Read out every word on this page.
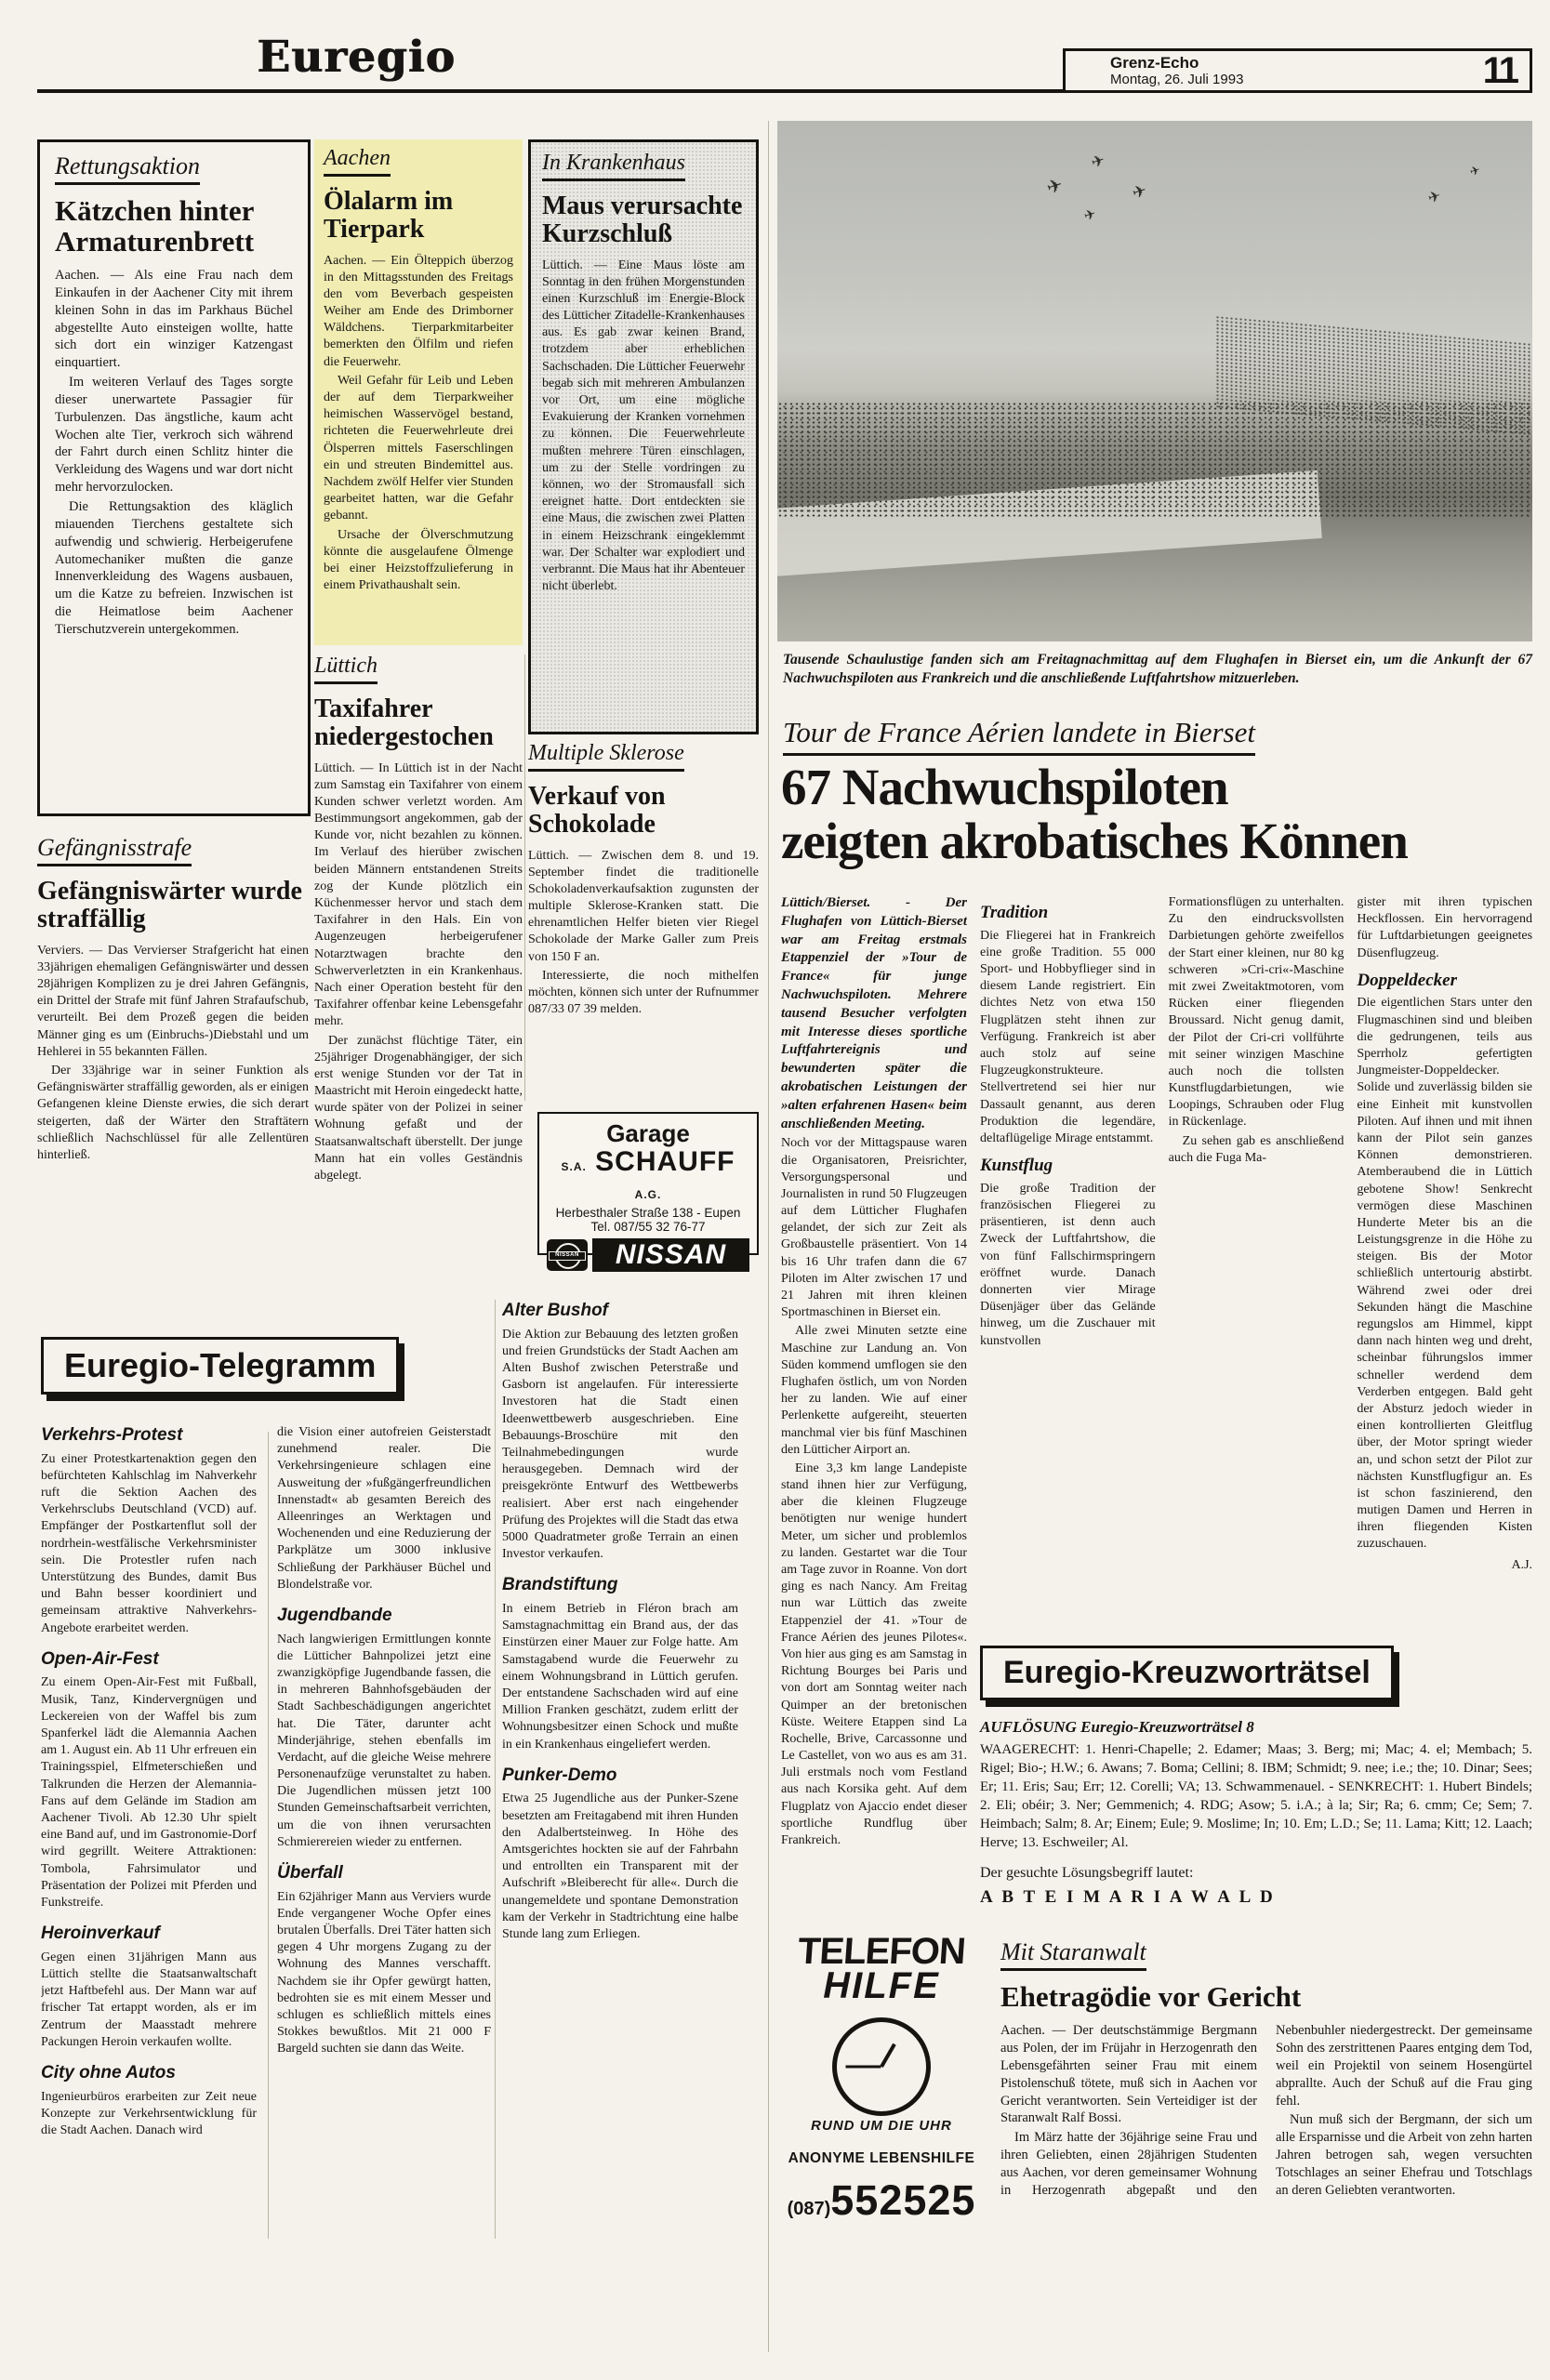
Euregio	Grenz-Echo
Montag, 26. Juli 1993	11
Rettungsaktion
Kätzchen hinter Armaturenbrett

Aachen. — Als eine Frau nach dem Einkaufen in der Aachener City mit ihrem kleinen Sohn in das im Parkhaus Büchel abgestellte Auto einsteigen wollte, hatte sich dort ein winziger Katzengast einquartiert.

Im weiteren Verlauf des Tages sorgte dieser unerwartete Passagier für Turbulenzen. Das ängstliche, kaum acht Wochen alte Tier, verkroch sich während der Fahrt durch einen Schlitz hinter die Verkleidung des Wagens und war dort nicht mehr hervorzulocken.

Die Rettungsaktion des kläglich miauenden Tierchens gestaltete sich aufwendig und schwierig. Herbeigerufene Automechaniker mußten die ganze Innenverkleidung des Wagens ausbauen, um die Katze zu befreien. Inzwischen ist die Heimatlose beim Aachener Tierschutzverein untergekommen.

Gefängnisstrafe
Gefängniswärter wurde straffällig

Verviers. — Das Vervierser Strafgericht hat einen 33jährigen ehemaligen Gefängniswärter und dessen 28jährigen Komplizen zu je drei Jahren Gefängnis, ein Drittel der Strafe mit fünf Jahren Strafaufschub, verurteilt. Bei dem Prozeß gegen die beiden Männer ging es um (Einbruchs-)Diebstahl und um Hehlerei in 55 bekannten Fällen.

Der 33jährige war in seiner Funktion als Gefängniswärter straffällig geworden, als er einigen Gefangenen kleine Dienste erwies, die sich derart steigerten, daß der Wärter den Straftätern schließlich Nachschlüssel für alle Zellentüren hinterließ.

Aachen
Ölalarm im Tierpark

Aachen. — Ein Ölteppich überzog in den Mittagsstunden des Freitags den vom Beverbach gespeisten Weiher am Ende des Drimborner Wäldchens. Tierparkmitarbeiter bemerkten den Ölfilm und riefen die Feuerwehr.

Weil Gefahr für Leib und Leben der auf dem Tierparkweiher heimischen Wasservögel bestand, richteten die Feuerwehrleute drei Ölsperren mittels Faserschlingen ein und streuten Bindemittel aus. Nachdem zwölf Helfer vier Stunden gearbeitet hatten, war die Gefahr gebannt.

Ursache der Ölverschmutzung könnte die ausgelaufene Ölmenge bei einer Heizstoffzulieferung in einem Privathaushalt sein.

Lüttich
Taxifahrer niedergestochen

Lüttich. — In Lüttich ist in der Nacht zum Samstag ein Taxifahrer von einem Kunden schwer verletzt worden. Am Bestimmungsort angekommen, gab der Kunde vor, nicht bezahlen zu können. Im Verlauf des hierüber zwischen beiden Männern entstandenen Streits zog der Kunde plötzlich ein Küchenmesser hervor und stach dem Taxifahrer in den Hals. Ein von Augenzeugen herbeigerufener Notarztwagen brachte den Schwerverletzten in ein Krankenhaus. Nach einer Operation besteht für den Taxifahrer offenbar keine Lebensgefahr mehr.

Der zunächst flüchtige Täter, ein 25jähriger Drogenabhängiger, der sich erst wenige Stunden vor der Tat in Maastricht mit Heroin eingedeckt hatte, wurde später von der Polizei in seiner Wohnung gefaßt und der Staatsanwaltschaft überstellt. Der junge Mann hat ein volles Geständnis abgelegt.

In Krankenhaus
Maus verursachte Kurzschluß

Lüttich. — Eine Maus löste am Sonntag in den frühen Morgenstunden einen Kurzschluß im Energie-Block des Lütticher Zitadelle-Krankenhauses aus. Es gab zwar keinen Brand, trotzdem aber erheblichen Sachschaden. Die Lütticher Feuerwehr begab sich mit mehreren Ambulanzen vor Ort, um eine mögliche Evakuierung der Kranken vornehmen zu können. Die Feuerwehrleute mußten mehrere Türen einschlagen, um zu der Stelle vordringen zu können, wo der Stromausfall sich ereignet hatte. Dort entdeckten sie eine Maus, die zwischen zwei Platten in einem Heizschrank eingeklemmt war. Der Schalter war explodiert und verbrannt. Die Maus hat ihr Abenteuer nicht überlebt.

Multiple Sklerose
Verkauf von Schokolade

Lüttich. — Zwischen dem 8. und 19. September findet die traditionelle Schokoladenverkaufsaktion zugunsten der multiple Sklerose-Kranken statt. Die ehrenamtlichen Helfer bieten vier Riegel Schokolade der Marke Galler zum Preis von 150 F an.

Interessierte, die noch mithelfen möchten, können sich unter der Rufnummer 087/33 07 39 melden.

Garage
S.A. SCHAUFF A.G.
Herbesthaler Straße 138 - Eupen
Tel. 087/55 32 76-77
NISSAN	NISSAN
✈
✈
✈
✈
✈
✈
Tausende Schaulustige fanden sich am Freitagnachmittag auf dem Flughafen in Bierset ein, um die Ankunft der 67 Nachwuchspiloten aus Frankreich und die anschließende Luftfahrtshow mitzuerleben.
Tour de France Aérien landete in Bierset
67 Nachwuchspiloten
zeigten akrobatisches Können

Lüttich/Bierset. - Der Flughafen von Lüttich-Bierset war am Freitag erstmals Etappenziel der »Tour de France« für junge Nachwuchspiloten. Mehrere tausend Besucher verfolgten mit Interesse dieses sportliche Luftfahrtereignis und bewunderten später die akrobatischen Leistungen der »alten erfahrenen Hasen« beim anschließenden Meeting.

Noch vor der Mittagspause waren die Organisatoren, Preisrichter, Versorgungspersonal und Journalisten in rund 50 Flugzeugen auf dem Lütticher Flughafen gelandet, der sich zur Zeit als Großbaustelle präsentiert. Von 14 bis 16 Uhr trafen dann die 67 Piloten im Alter zwischen 17 und 21 Jahren mit ihren kleinen Sportmaschinen in Bierset ein.

Alle zwei Minuten setzte eine Maschine zur Landung an. Von Süden kommend umflogen sie den Flughafen östlich, um von Norden her zu landen. Wie auf einer Perlenkette aufgereiht, steuerten manchmal vier bis fünf Maschinen den Lütticher Airport an.

Eine 3,3 km lange Landepiste stand ihnen hier zur Verfügung, aber die kleinen Flugzeuge benötigten nur wenige hundert Meter, um sicher und problemlos zu landen. Gestartet war die Tour am Tage zuvor in Roanne. Von dort ging es nach Nancy. Am Freitag nun war Lüttich das zweite Etappenziel der 41. »Tour de France Aérien des jeunes Pilotes«. Von hier aus ging es am Samstag in Richtung Bourges bei Paris und von dort am Sonntag weiter nach Quimper an der bretonischen Küste. Weitere Etappen sind La Rochelle, Brive, Carcassonne und Le Castellet, von wo aus es am 31. Juli erstmals noch vom Festland aus nach Korsika geht. Auf dem Flugplatz von Ajaccio endet dieser sportliche Rundflug über Frankreich.

Tradition

Die Fliegerei hat in Frankreich eine große Tradition. 55 000 Sport- und Hobbyflieger sind in diesem Lande registriert. Ein dichtes Netz von etwa 150 Flugplätzen steht ihnen zur Verfügung. Frankreich ist aber auch stolz auf seine Flugzeugkonstrukteure. Stellvertretend sei hier nur Dassault genannt, aus deren Produktion die legendäre, deltaflügelige Mirage entstammt.

Kunstflug

Die große Tradition der französischen Fliegerei zu präsentieren, ist denn auch Zweck der Luftfahrtshow, die von fünf Fallschirmspringern eröffnet wurde. Danach donnerten vier Mirage Düsenjäger über das Gelände hinweg, um die Zuschauer mit kunstvollen

Formationsflügen zu unterhalten. Zu den eindrucksvollsten Darbietungen gehörte zweifellos der Start einer kleinen, nur 80 kg schweren »Cri-cri«-Maschine mit zwei Zweitaktmotoren, vom Rücken einer fliegenden Broussard. Nicht genug damit, der Pilot der Cri-cri vollführte mit seiner winzigen Maschine auch noch die tollsten Kunstflugdarbietungen, wie Loopings, Schrauben oder Flug in Rückenlage.

Zu sehen gab es anschließend auch die Fuga Ma-

gister mit ihren typischen Heckflossen. Ein hervorragend für Luftdarbietungen geeignetes Düsenflugzeug.

Doppeldecker

Die eigentlichen Stars unter den Flugmaschinen sind und bleiben die gedrungenen, teils aus Sperrholz gefertigten Jungmeister-Doppeldecker. Solide und zuverlässig bilden sie eine Einheit mit kunstvollen Piloten. Auf ihnen und mit ihnen kann der Pilot sein ganzes Können demonstrieren. Atemberaubend die in Lüttich gebotene Show! Senkrecht vermögen diese Maschinen Hunderte Meter bis an die Leistungsgrenze in die Höhe zu steigen. Bis der Motor schließlich untertourig abstirbt. Während zwei oder drei Sekunden hängt die Maschine regungslos am Himmel, kippt dann nach hinten weg und dreht, scheinbar führungslos immer schneller werdend dem Verderben entgegen. Bald geht der Absturz jedoch wieder in einen kontrollierten Gleitflug über, der Motor springt wieder an, und schon setzt der Pilot zur nächsten Kunstflugfigur an. Es ist schon faszinierend, den mutigen Damen und Herren in ihren fliegenden Kisten zuzuschauen.

A.J.
Euregio-Kreuzworträtsel
AUFLÖSUNG Euregio-Kreuzworträtsel 8
WAAGERECHT: 1. Henri-Chapelle; 2. Edamer; Maas; 3. Berg; mi; Mac; 4. el; Membach; 5. Rigel; Bio-; H.W.; 6. Awans; 7. Boma; Cellini; 8. IBM; Schmidt; 9. nee; i.e.; the; 10. Dinar; Sees; Er; 11. Eris; Sau; Err; 12. Corelli; VA; 13. Schwammenauel. - SENKRECHT: 1. Hubert Bindels; 2. Eli; obéir; 3. Ner; Gemmenich; 4. RDG; Asow; 5. i.A.; à la; Sir; Ra; 6. cmm; Ce; Sem; 7. Heimbach; Salm; 8. Ar; Einem; Eule; 9. Moslime; In; 10. Em; L.D.; Se; 11. Lama; Kitt; 12. Laach; Herve; 13. Eschweiler; Al.
Der gesuchte Lösungsbegriff lautet:
A B T E I M A R I A W A L D
Mit Staranwalt
Ehetragödie vor Gericht

Aachen. — Der deutschstämmige Bergmann aus Polen, der im Früjahr in Herzogenrath den Lebensgefährten seiner Frau mit einem Pistolenschuß tötete, muß sich in Aachen vor Gericht verantworten. Sein Verteidiger ist der Staranwalt Ralf Bossi.

Im März hatte der 36jährige seine Frau und ihren Geliebten, einen 28jährigen Studenten aus Aachen, vor deren gemeinsamer Wohnung in Herzogenrath abgepaßt und den Nebenbuhler niedergestreckt. Der gemeinsame Sohn des zerstrittenen Paares entging dem Tod, weil ein Projektil von seinem Hosengürtel abprallte. Auch der Schuß auf die Frau ging fehl.

Nun muß sich der Bergmann, der sich um alle Ersparnisse und die Arbeit von zehn harten Jahren betrogen sah, wegen versuchten Totschlages an seiner Ehefrau und Totschlags an deren Geliebten verantworten.

TELEFON
HILFE
RUND UM DIE UHR
ANONYME LEBENSHILFE
(087) 552525
Euregio-Telegramm
Verkehrs-Protest

Zu einer Protestkartenaktion gegen den befürchteten Kahlschlag im Nahverkehr ruft die Sektion Aachen des Verkehrsclubs Deutschland (VCD) auf. Empfänger der Postkartenflut soll der nordrhein-westfälische Verkehrsminister sein. Die Protestler rufen nach Unterstützung des Bundes, damit Bus und Bahn besser koordiniert und gemeinsam attraktive Nahverkehrs-Angebote erarbeitet werden.

Open-Air-Fest

Zu einem Open-Air-Fest mit Fußball, Musik, Tanz, Kindervergnügen und Leckereien von der Waffel bis zum Spanferkel lädt die Alemannia Aachen am 1. August ein. Ab 11 Uhr erfreuen ein Trainingsspiel, Elfmeterschießen und Talkrunden die Herzen der Alemannia-Fans auf dem Gelände im Stadion am Aachener Tivoli. Ab 12.30 Uhr spielt eine Band auf, und im Gastronomie-Dorf wird gegrillt. Weitere Attraktionen: Tombola, Fahrsimulator und Präsentation der Polizei mit Pferden und Funkstreife.

Heroinverkauf

Gegen einen 31jährigen Mann aus Lüttich stellte die Staatsanwaltschaft jetzt Haftbefehl aus. Der Mann war auf frischer Tat ertappt worden, als er im Zentrum der Maasstadt mehrere Packungen Heroin verkaufen wollte.

City ohne Autos

Ingenieurbüros erarbeiten zur Zeit neue Konzepte zur Verkehrsentwicklung für die Stadt Aachen. Danach wird

die Vision einer autofreien Geisterstadt zunehmend realer. Die Verkehrsingenieure schlagen eine Ausweitung der »fußgängerfreundlichen Innenstadt« ab gesamten Bereich des Alleenringes an Werktagen und Wochenenden und eine Reduzierung der Parkplätze um 3000 inklusive Schließung der Parkhäuser Büchel und Blondelstraße vor.

Jugendbande

Nach langwierigen Ermittlungen konnte die Lütticher Bahnpolizei jetzt eine zwanzigköpfige Jugendbande fassen, die in mehreren Bahnhofsgebäuden der Stadt Sachbeschädigungen angerichtet hat. Die Täter, darunter acht Minderjährige, stehen ebenfalls im Verdacht, auf die gleiche Weise mehrere Personenaufzüge verunstaltet zu haben. Die Jugendlichen müssen jetzt 100 Stunden Gemeinschaftsarbeit verrichten, um die von ihnen verursachten Schmierereien wieder zu entfernen.

Überfall

Ein 62jähriger Mann aus Verviers wurde Ende vergangener Woche Opfer eines brutalen Überfalls. Drei Täter hatten sich gegen 4 Uhr morgens Zugang zu der Wohnung des Mannes verschafft. Nachdem sie ihr Opfer gewürgt hatten, bedrohten sie es mit einem Messer und schlugen es schließlich mittels eines Stokkes bewußtlos. Mit 21 000 F Bargeld suchten sie dann das Weite.

Alter Bushof

Die Aktion zur Bebauung des letzten großen und freien Grundstücks der Stadt Aachen am Alten Bushof zwischen Peterstraße und Gasborn ist angelaufen. Für interessierte Investoren hat die Stadt einen Ideenwettbewerb ausgeschrieben. Eine Bebauungs-Broschüre mit den Teilnahmebedingungen wurde herausgegeben. Demnach wird der preisgekrönte Entwurf des Wettbewerbs realisiert. Aber erst nach eingehender Prüfung des Projektes will die Stadt das etwa 5000 Quadratmeter große Terrain an einen Investor verkaufen.

Brandstiftung

In einem Betrieb in Fléron brach am Samstagnachmittag ein Brand aus, der das Einstürzen einer Mauer zur Folge hatte. Am Samstagabend wurde die Feuerwehr zu einem Wohnungsbrand in Lüttich gerufen. Der entstandene Sachschaden wird auf eine Million Franken geschätzt, zudem erlitt der Wohnungsbesitzer einen Schock und mußte in ein Krankenhaus eingeliefert werden.

Punker-Demo

Etwa 25 Jugendliche aus der Punker-Szene besetzten am Freitagabend mit ihren Hunden den Adalbertsteinweg. In Höhe des Amtsgerichtes hockten sie auf der Fahrbahn und entrollten ein Transparent mit der Aufschrift »Bleiberecht für alle«. Durch die unangemeldete und spontane Demonstration kam der Verkehr in Stadtrichtung eine halbe Stunde lang zum Erliegen.
